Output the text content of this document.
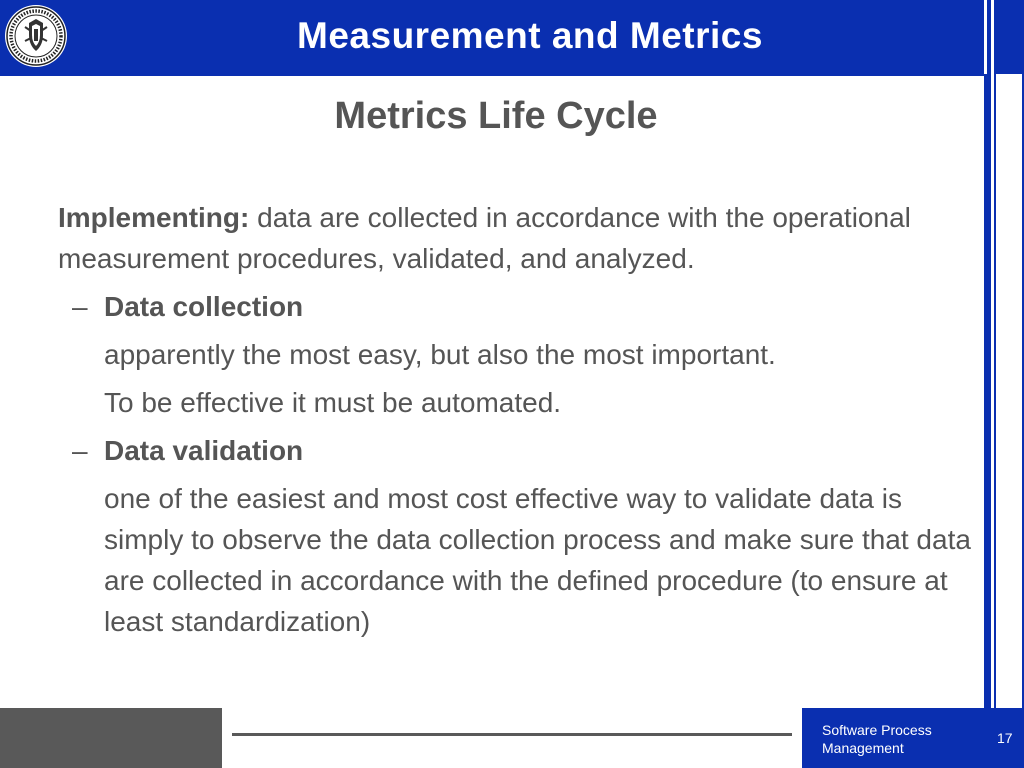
Measurement and Metrics
Metrics Life Cycle

Implementing: data are collected in accordance with the operational measurement procedures, validated, and analyzed.

– Data collection

apparently the most easy, but also the most important.

To be effective it must be automated.

– Data validation

one of the easiest and most cost effective way to validate data is simply to observe the data collection process and make sure that data are collected in accordance with the defined procedure (to ensure at least standardization)

Software Process Management
17
